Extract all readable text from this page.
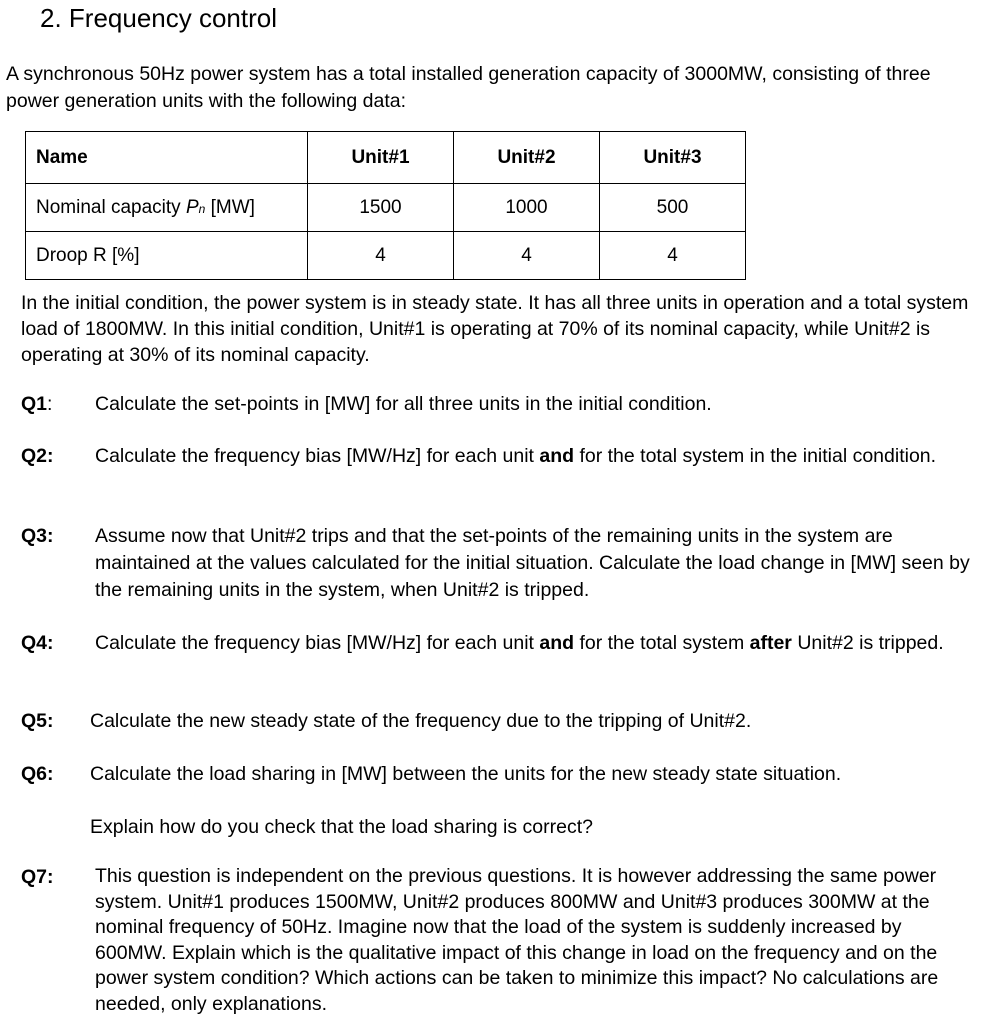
2. Frequency control
A synchronous 50Hz power system has a total installed generation capacity of 3000MW, consisting of three power generation units with the following data:
Name	Unit#1	Unit#2	Unit#3
Nominal capacity Pn [MW]	1500	1000	500
Droop R [%]	4	4	4
In the initial condition, the power system is in steady state. It has all three units in operation and a total system load of 1800MW. In this initial condition, Unit#1 is operating at 70% of its nominal capacity, while Unit#2 is operating at 30% of its nominal capacity.
Q1: Calculate the set-points in [MW] for all three units in the initial condition.
Q2: Calculate the frequency bias [MW/Hz] for each unit and for the total system in the initial condition.
Q3: Assume now that Unit#2 trips and that the set-points of the remaining units in the system are maintained at the values calculated for the initial situation. Calculate the load change in [MW] seen by the remaining units in the system, when Unit#2 is tripped.
Q4: Calculate the frequency bias [MW/Hz] for each unit and for the total system after Unit#2 is tripped.
Q5: Calculate the new steady state of the frequency due to the tripping of Unit#2.
Q6: Calculate the load sharing in [MW] between the units for the new steady state situation.
Explain how do you check that the load sharing is correct?
Q7: This question is independent on the previous questions. It is however addressing the same power system. Unit#1 produces 1500MW, Unit#2 produces 800MW and Unit#3 produces 300MW at the nominal frequency of 50Hz. Imagine now that the load of the system is suddenly increased by 600MW. Explain which is the qualitative impact of this change in load on the frequency and on the power system condition? Which actions can be taken to minimize this impact? No calculations are needed, only explanations.
